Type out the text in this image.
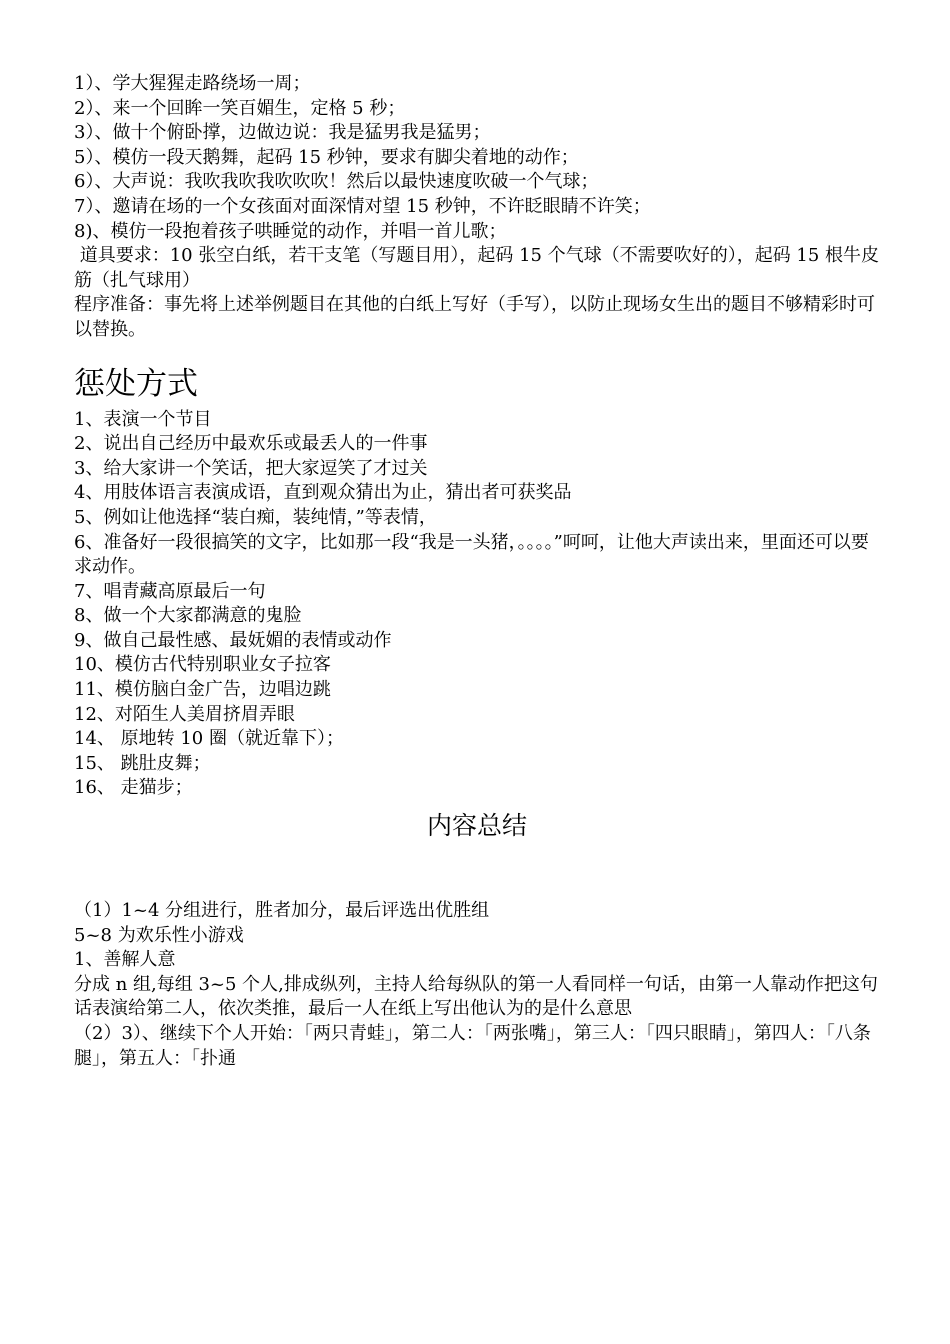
1）、学大猩猩走路绕场一周；

2）、来一个回眸一笑百媚生，定格 5 秒；

3）、做十个俯卧撑，边做边说：我是猛男我是猛男；

5）、模仿一段天鹅舞，起码 15 秒钟，要求有脚尖着地的动作；

6）、大声说：我吹我吹我吹吹吹！然后以最快速度吹破一个气球；

7）、邀请在场的一个女孩面对面深情对望 15 秒钟，不许眨眼睛不许笑；

8)、模仿一段抱着孩子哄睡觉的动作，并唱一首儿歌；

道具要求：10 张空白纸，若干支笔（写题目用），起码 15 个气球（不需要吹好的），起码 15 根牛皮筋（扎气球用）

程序准备：事先将上述举例题目在其他的白纸上写好（手写），以防止现场女生出的题目不够精彩时可以替换。

惩处方式

1、表演一个节目

2、说出自己经历中最欢乐或最丢人的一件事

3、给大家讲一个笑话，把大家逗笑了才过关

4、用肢体语言表演成语，直到观众猜出为止，猜出者可获奖品

5、例如让他选择“装白痴，装纯情，”等表情，

6、准备好一段很搞笑的文字，比如那一段“我是一头猪，。。。。”呵呵，让他大声读出来，里面还可以要求动作。

7、唱青藏高原最后一句

8、做一个大家都满意的鬼脸

9、做自己最性感、最妩媚的表情或动作

10、模仿古代特别职业女子拉客

11、模仿脑白金广告，边唱边跳

12、对陌生人美眉挤眉弄眼

14、 原地转 10 圈（就近靠下）；

15、 跳肚皮舞；

16、 走猫步；

内容总结

（1）1~4 分组进行，胜者加分，最后评选出优胜组

5~8 为欢乐性小游戏

1、善解人意

分成 n 组,每组 3~5 个人,排成纵列，主持人给每纵队的第一人看同样一句话，由第一人靠动作把这句话表演给第二人，依次类推，最后一人在纸上写出他认为的是什么意思

（2）3）、继续下个人开始：「两只青蛙」，第二人：「两张嘴」，第三人：「四只眼睛」，第四人：「八条腿」，第五人：「扑通
